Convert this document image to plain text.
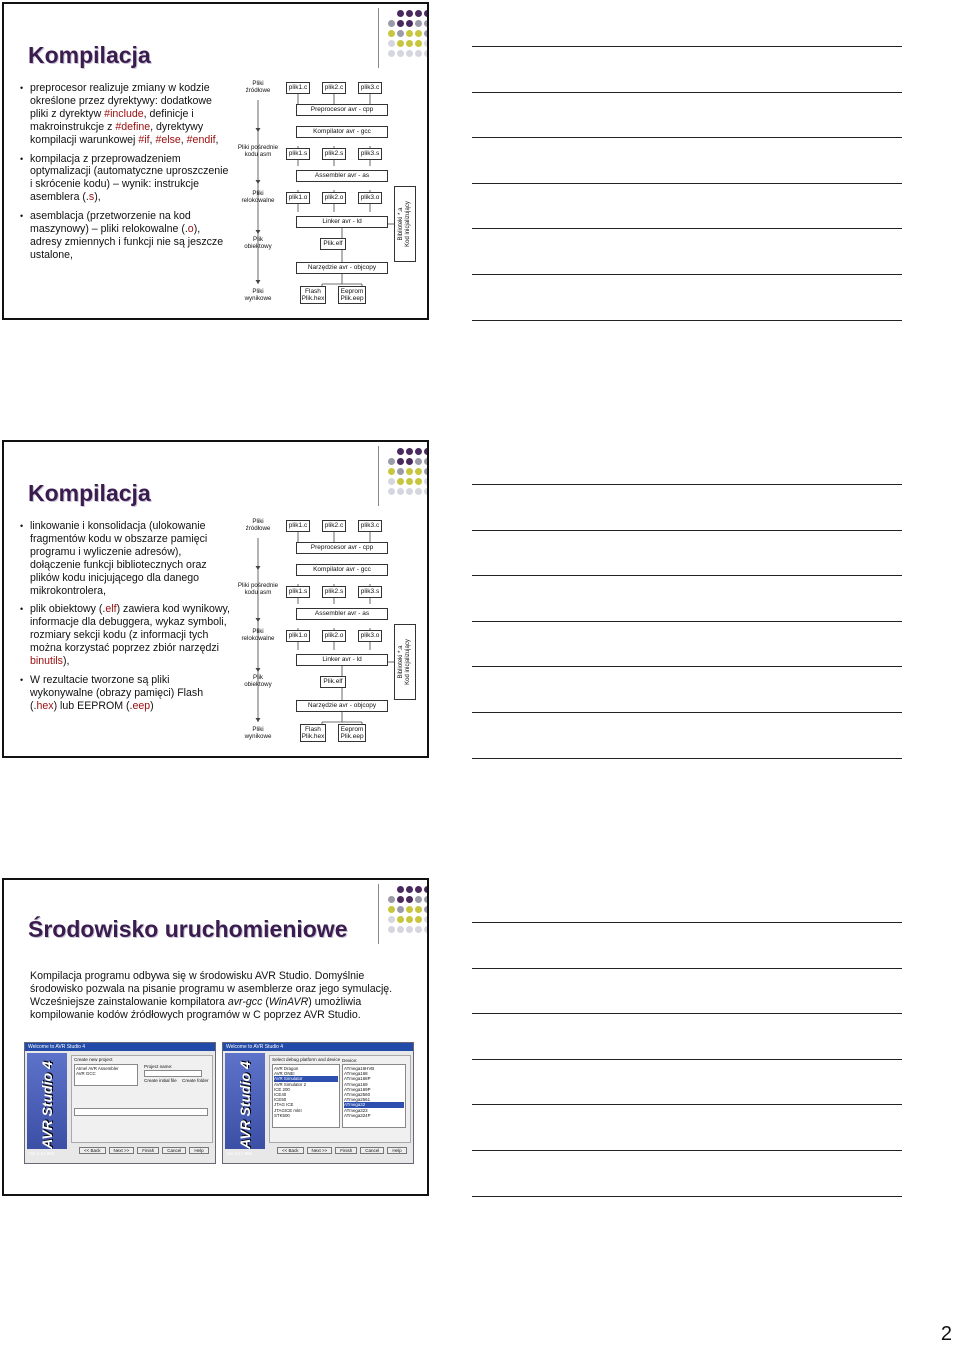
Kompilacja
• preprocesor realizuje zmiany w kodzie określone przez dyrektywy: dodatkowe pliki z dyrektyw #include, definicje i makroinstrukcje z #define, dyrektywy kompilacji warunkowej #if, #else, #endif,
• kompilacja z przeprowadzeniem optymalizacji (automatyczne uproszczenie i skrócenie kodu) – wynik: instrukcje asemblera (.s),
• asemblacja (przetworzenie na kod maszynowy) – pliki relokowalne (.o), adresy zmiennych i funkcji nie są jeszcze ustalone,
Pliki
źródłowe
Pliki pośrednie
kodu asm
Pliki
relokowalne
Plik
obiektowy
Pliki
wynikowe
plik1.c	plik2.c	plik3.c
Preprocesor avr - cpp
Kompilator avr - gcc
plik1.s	plik2.s	plik3.s
Assembler avr - as
plik1.o	plik2.o	plik3.o
Linker avr - ld
Plik.elf
Narzędzie avr - objcopy
Flash
Plik.hex
Eeprom
Plik.eep
Biblioteki *.a
Kod inicjalizujący
Kompilacja
• linkowanie i konsolidacja (ulokowanie fragmentów kodu w obszarze pamięci programu i wyliczenie adresów), dołączenie funkcji bibliotecznych oraz plików kodu inicjującego dla danego mikrokontrolera,
• plik obiektowy (.elf) zawiera kod wynikowy, informacje dla debuggera, wykaz symboli, rozmiary sekcji kodu (z informacji tych można korzystać poprzez zbiór narzędzi binutils),
• W rezultacie tworzone są pliki wykonywalne (obrazy pamięci) Flash (.hex) lub EEPROM (.eep)
Pliki
źródłowe
Pliki pośrednie
kodu asm
Pliki
relokowalne
Plik
obiektowy
Pliki
wynikowe
plik1.c	plik2.c	plik3.c
Preprocesor avr - cpp
Kompilator avr - gcc
plik1.s	plik2.s	plik3.s
Assembler avr - as
plik1.o	plik2.o	plik3.o
Linker avr - ld
Plik.elf
Narzędzie avr - objcopy
Flash
Plik.hex
Eeprom
Plik.eep
Biblioteki *.a
Kod inicjalizujący
Środowisko uruchomieniowe

Kompilacja programu odbywa się w środowisku AVR Studio. Domyślnie środowisko pozwala na pisanie programu w asemblerze oraz jego symulację. Wcześniejsze zainstalowanie kompilatora avr-gcc (WinAVR) umożliwia kompilowanie kodów źródłowych programów w C poprzez AVR Studio.

Welcome to AVR Studio 4
AVR Studio 4
Create new project
Atmel AVR Assembler
AVR GCC
Project name:
Create initial file Create folder
Ver 4.17.666
<< Back	Next >>	Finish	Cancel	Help
Welcome to AVR Studio 4
AVR Studio 4
Select debug platform and device
AVR Dragon
AVR ONE!
AVR Simulator
AVR Simulator 2
ICE 200
ICE40
ICE50
JTAG ICE
JTAGICE mkII
STK500
Device:
ATmega16HVB
ATmega168
ATmega168P
ATmega169
ATmega169P
ATmega2560
ATmega2561
ATmega32
ATmega323
ATmega324P
Ver 4.17.666
<< Back	Next >>	Finish	Cancel	Help
2
